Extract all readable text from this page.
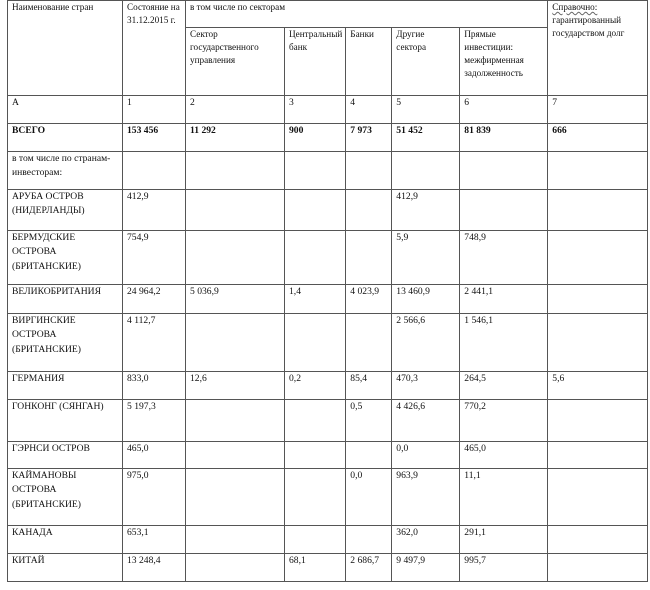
Наименование стран	Состояние на 31.12.2015 г.	в том числе по секторам					Справочно:
гарантированный государством долг
		Сектор государственного управления	Центральный банк	Банки	Другие сектора	Прямые инвестиции: межфирменная задолженность	
А	1	2	3	4	5	6	7
ВСЕГО	153 456	11 292	900	7 973	51 452	81 839	666
в том числе по странам-инвесторам:							
АРУБА ОСТРОВ (НИДЕРЛАНДЫ)	412,9				412,9		
БЕРМУДСКИЕ ОСТРОВА (БРИТАНСКИЕ)	754,9				5,9	748,9	
ВЕЛИКОБРИТАНИЯ	24 964,2	5 036,9	1,4	4 023,9	13 460,9	2 441,1	
ВИРГИНСКИЕ ОСТРОВА (БРИТАНСКИЕ)	4 112,7				2 566,6	1 546,1	
ГЕРМАНИЯ	833,0	12,6	0,2	85,4	470,3	264,5	5,6
ГОНКОНГ (СЯНГАН)	5 197,3			0,5	4 426,6	770,2	
ГЭРНСИ ОСТРОВ	465,0				0,0	465,0	
КАЙМАНОВЫ ОСТРОВА (БРИТАНСКИЕ)	975,0			0,0	963,9	11,1	
КАНАДА	653,1				362,0	291,1	
КИТАЙ	13 248,4		68,1	2 686,7	9 497,9	995,7	
